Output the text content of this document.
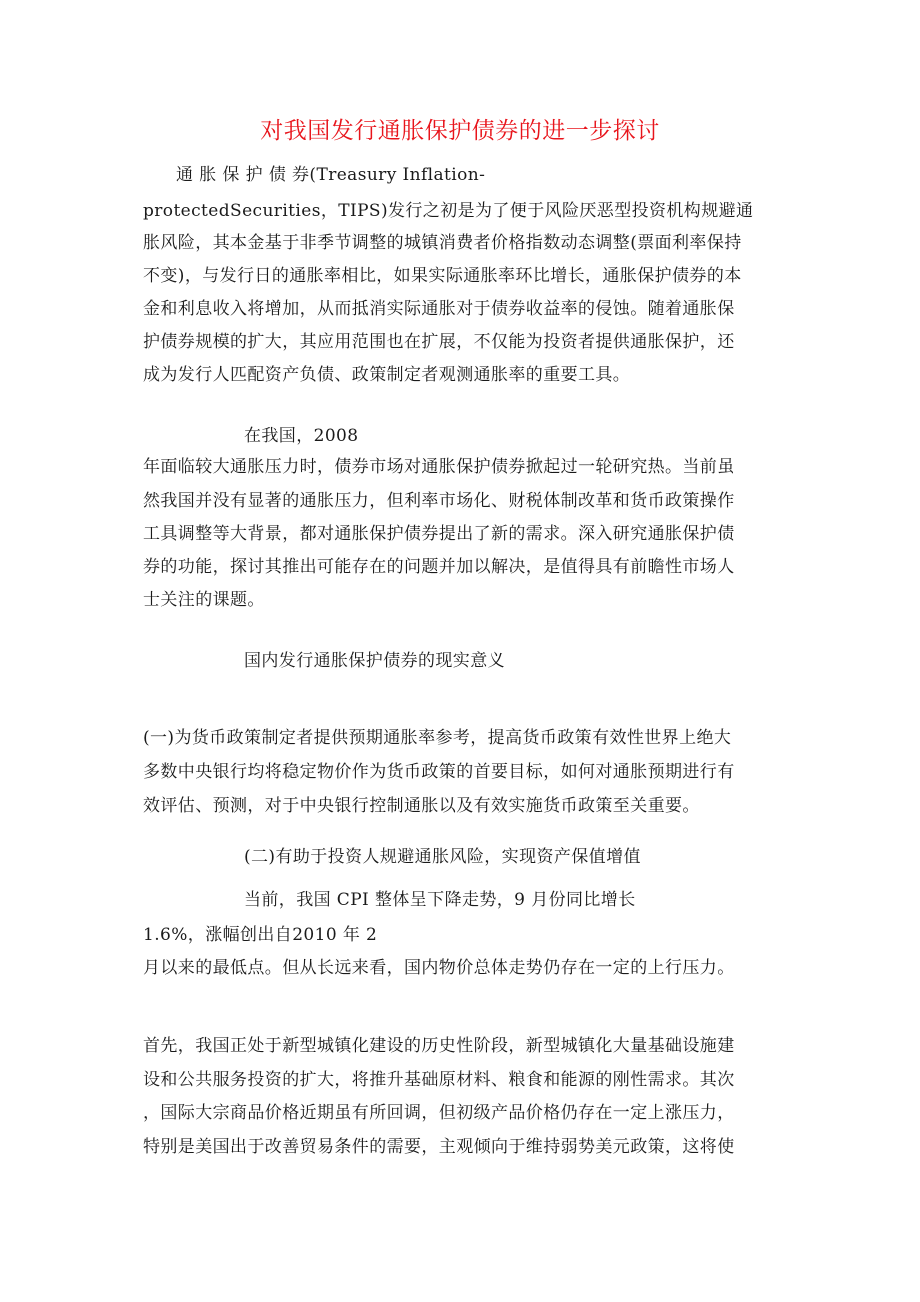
对我国发行通胀保护债券的进一步探讨
通 胀 保 护 债 券(Treasury Inflation-
protectedSecurities，TIPS)发行之初是为了便于风险厌恶型投资机构规避通
胀风险，其本金基于非季节调整的城镇消费者价格指数动态调整(票面利率保持
不变)，与发行日的通胀率相比，如果实际通胀率环比增长，通胀保护债券的本
金和利息收入将增加，从而抵消实际通胀对于债券收益率的侵蚀。随着通胀保
护债券规模的扩大，其应用范围也在扩展，不仅能为投资者提供通胀保护，还
成为发行人匹配资产负债、政策制定者观测通胀率的重要工具。
在我国，2008
年面临较大通胀压力时，债券市场对通胀保护债券掀起过一轮研究热。当前虽
然我国并没有显著的通胀压力，但利率市场化、财税体制改革和货币政策操作
工具调整等大背景，都对通胀保护债券提出了新的需求。深入研究通胀保护债
券的功能，探讨其推出可能存在的问题并加以解决，是值得具有前瞻性市场人
士关注的课题。
国内发行通胀保护债券的现实意义
(一)为货币政策制定者提供预期通胀率参考，提高货币政策有效性世界上绝大
多数中央银行均将稳定物价作为货币政策的首要目标，如何对通胀预期进行有
效评估、预测，对于中央银行控制通胀以及有效实施货币政策至关重要。
(二)有助于投资人规避通胀风险，实现资产保值增值
当前，我国 CPI 整体呈下降走势，9 月份同比增长
1.6%，涨幅创出自2010 年 2
月以来的最低点。但从长远来看，国内物价总体走势仍存在一定的上行压力。
首先，我国正处于新型城镇化建设的历史性阶段，新型城镇化大量基础设施建
设和公共服务投资的扩大，将推升基础原材料、粮食和能源的刚性需求。其次
，国际大宗商品价格近期虽有所回调，但初级产品价格仍存在一定上涨压力，
特别是美国出于改善贸易条件的需要，主观倾向于维持弱势美元政策，这将使
